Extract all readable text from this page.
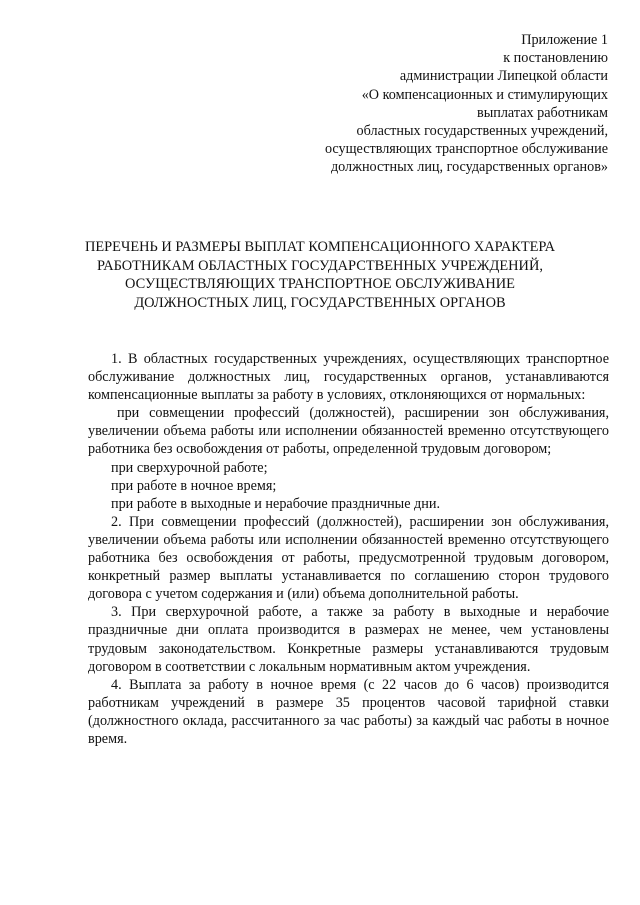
Приложение 1
к постановлению
администрации Липецкой области
«О компенсационных и стимулирующих
выплатах работникам
областных государственных учреждений,
осуществляющих транспортное обслуживание
должностных лиц, государственных органов»
ПЕРЕЧЕНЬ И РАЗМЕРЫ ВЫПЛАТ КОМПЕНСАЦИОННОГО ХАРАКТЕРА
РАБОТНИКАМ ОБЛАСТНЫХ ГОСУДАРСТВЕННЫХ УЧРЕЖДЕНИЙ,
ОСУЩЕСТВЛЯЮЩИХ ТРАНСПОРТНОЕ ОБСЛУЖИВАНИЕ
ДОЛЖНОСТНЫХ ЛИЦ, ГОСУДАРСТВЕННЫХ ОРГАНОВ

1. В областных государственных учреждениях, осуществляющих транспортное обслуживание должностных лиц, государственных органов, устанавливаются компенсационные выплаты за работу в условиях, отклоняющихся от нормальных:

при совмещении профессий (должностей), расширении зон обслуживания, увеличении объема работы или исполнении обязанностей временно отсутствующего работника без освобождения от работы, определенной трудовым договором;

при сверхурочной работе;

при работе в ночное время;

при работе в выходные и нерабочие праздничные дни.

2. При совмещении профессий (должностей), расширении зон обслуживания, увеличении объема работы или исполнении обязанностей временно отсутствующего работника без освобождения от работы, предусмотренной трудовым договором, конкретный размер выплаты устанавливается по соглашению сторон трудового договора с учетом содержания и (или) объема дополнительной работы.

3. При сверхурочной работе, а также за работу в выходные и нерабочие праздничные дни оплата производится в размерах не менее, чем установлены трудовым законодательством. Конкретные размеры устанавливаются трудовым договором в соответствии с локальным нормативным актом учреждения.

4. Выплата за работу в ночное время (с 22 часов до 6 часов) производится работникам учреждений в размере 35 процентов часовой тарифной ставки (должностного оклада, рассчитанного за час работы) за каждый час работы в ночное время.
